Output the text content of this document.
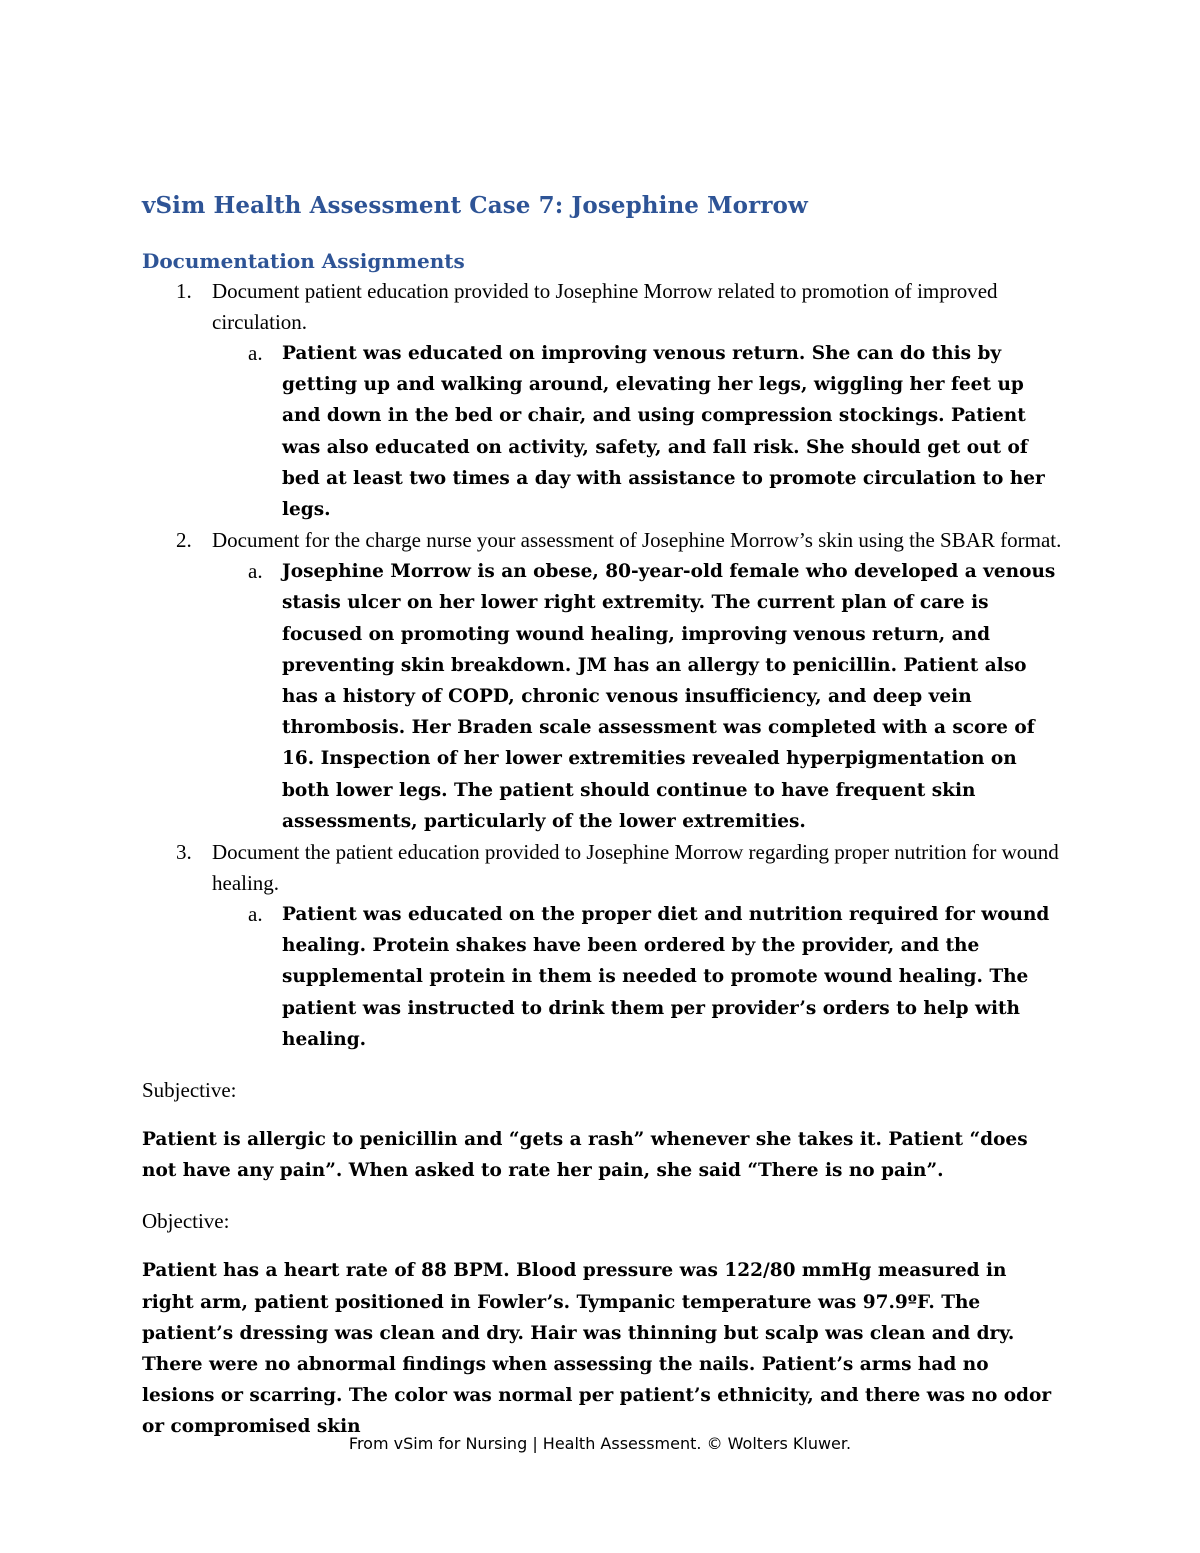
vSim Health Assessment Case 7: Josephine Morrow
Documentation Assignments
1. Document patient education provided to Josephine Morrow related to promotion of improved circulation.

a. Patient was educated on improving venous return. She can do this by getting up and walking around, elevating her legs, wiggling her feet up and down in the bed or chair, and using compression stockings. Patient was also educated on activity, safety, and fall risk. She should get out of bed at least two times a day with assistance to promote circulation to her legs.

2. Document for the charge nurse your assessment of Josephine Morrow’s skin using the SBAR format.

a. Josephine Morrow is an obese, 80-year-old female who developed a venous stasis ulcer on her lower right extremity. The current plan of care is focused on promoting wound healing, improving venous return, and preventing skin breakdown. JM has an allergy to penicillin. Patient also has a history of COPD, chronic venous insufficiency, and deep vein thrombosis. Her Braden scale assessment was completed with a score of 16. Inspection of her lower extremities revealed hyperpigmentation on both lower legs. The patient should continue to have frequent skin assessments, particularly of the lower extremities.

3. Document the patient education provided to Josephine Morrow regarding proper nutrition for wound healing.

a. Patient was educated on the proper diet and nutrition required for wound healing. Protein shakes have been ordered by the provider, and the supplemental protein in them is needed to promote wound healing. The patient was instructed to drink them per provider’s orders to help with healing.

Subjective:

Patient is allergic to penicillin and “gets a rash” whenever she takes it. Patient “does not have any pain”. When asked to rate her pain, she said “There is no pain”.

Objective:

Patient has a heart rate of 88 BPM. Blood pressure was 122/80 mmHg measured in right arm, patient positioned in Fowler’s. Tympanic temperature was 97.9ºF. The patient’s dressing was clean and dry. Hair was thinning but scalp was clean and dry. There were no abnormal findings when assessing the nails. Patient’s arms had no lesions or scarring. The color was normal per patient’s ethnicity, and there was no odor or compromised skin

From vSim for Nursing | Health Assessment. © Wolters Kluwer.
